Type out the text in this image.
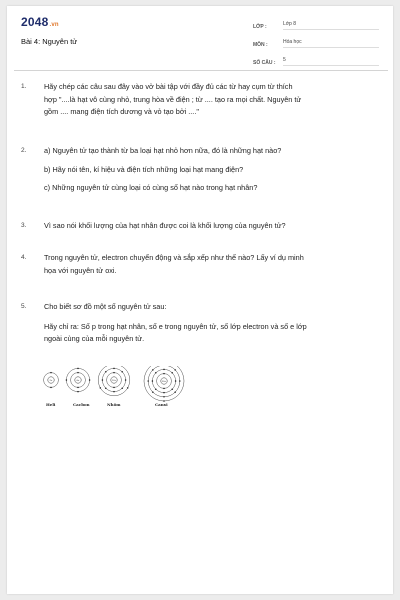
2048.vn
Bài 4: Nguyên tử
LỚP :	Lớp 8
MÔN :	Hóa học
SỐ CÂU :	5
1. Hãy chép các câu sau đây vào vở bài tập với đầy đủ các từ hay cụm từ thích

hợp "....là hạt vô cùng nhỏ, trung hòa về điện ; từ .... tạo ra mọi chất. Nguyên tử

gồm .... mang điện tích dương và vỏ tạo bởi ...."

2. a) Nguyên tử tạo thành từ ba loại hạt nhỏ hơn nữa, đó là những hạt nào?

b) Hãy nói tên, kí hiệu và điện tích những loại hạt mang điện?

c) Những nguyên tử cùng loại có cùng số hạt nào trong hạt nhân?

3. Vì sao nói khối lượng của hạt nhân được coi là khối lượng của nguyên tử?

4. Trong nguyên tử, electron chuyển động và sắp xếp như thế nào? Lấy ví dụ minh

họa với nguyên tử oxi.

5. Cho biết sơ đồ một số nguyên tử sau:

Hãy chỉ ra: Số p trong hạt nhân, số e trong nguyên tử, số lớp electron và số e lớp

ngoài cùng của mỗi nguyên tử.

2+	6+	13+	20+
Heli	Cacbon	Nhôm	Canxi
